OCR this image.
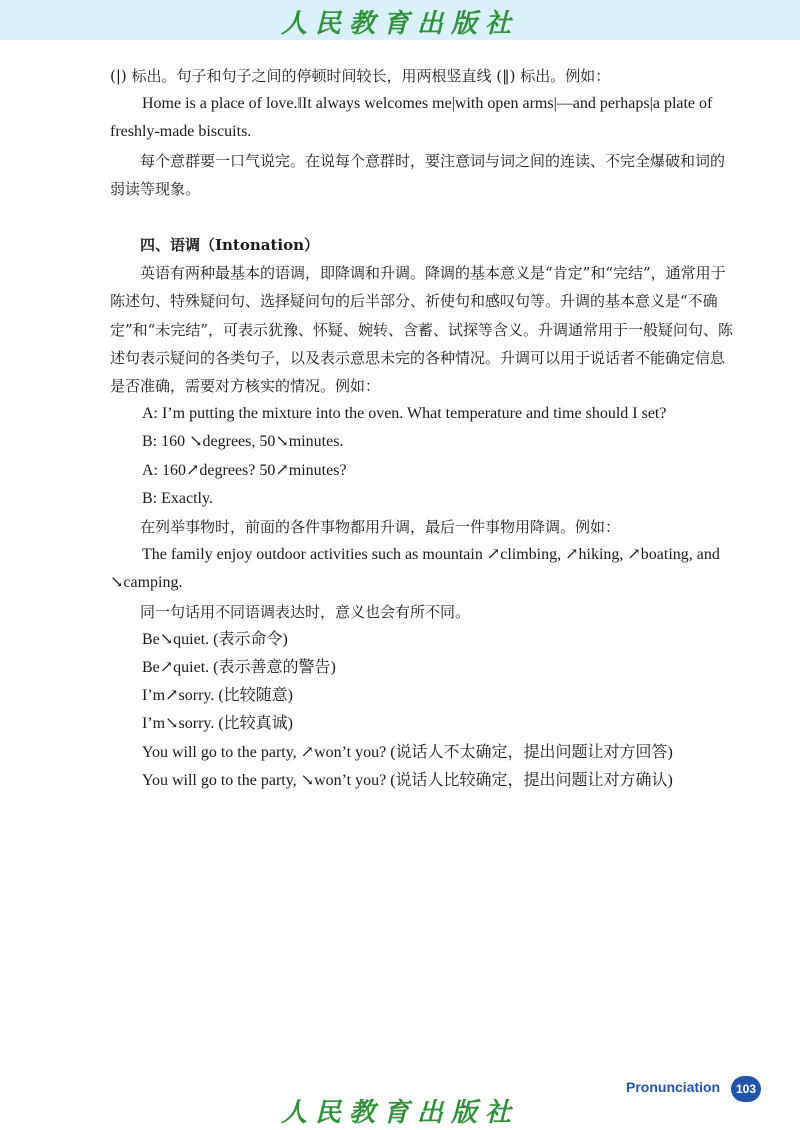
人民教育出版社

(|) 标出。句子和句子之间的停顿时间较长，用两根竖直线 (‖) 标出。例如：

Home is a place of love.‖It always welcomes me|with open arms|—and perhaps|a plate of freshly-made biscuits.

每个意群要一口气说完。在说每个意群时，要注意词与词之间的连读、不完全爆破和词的弱读等现象。

四、语调（Intonation）

英语有两种最基本的语调，即降调和升调。降调的基本意义是“肯定”和“完结”，通常用于陈述句、特殊疑问句、选择疑问句的后半部分、祈使句和感叹句等。升调的基本意义是“不确定”和“未完结”，可表示犹豫、怀疑、婉转、含蓄、试探等含义。升调通常用于一般疑问句、陈述句表示疑问的各类句子，以及表示意思未完的各种情况。升调可以用于说话者不能确定信息是否准确，需要对方核实的情况。例如：

A: I’m putting the mixture into the oven. What temperature and time should I set?

B: 160 ↘degrees, 50↘minutes.

A: 160↗degrees? 50↗minutes?

B: Exactly.

在列举事物时，前面的各件事物都用升调，最后一件事物用降调。例如：

The family enjoy outdoor activities such as mountain ↗climbing, ↗hiking, ↗boating, and ↘camping.

同一句话用不同语调表达时，意义也会有所不同。

Be↘quiet. (表示命令)

Be↗quiet. (表示善意的警告)

I’m↗sorry. (比较随意)

I’m↘sorry. (比较真诚)

You will go to the party, ↗won’t you? (说话人不太确定，提出问题让对方回答)

You will go to the party, ↘won’t you? (说话人比较确定，提出问题让对方确认)

Pronunciation	103
人民教育出版社
